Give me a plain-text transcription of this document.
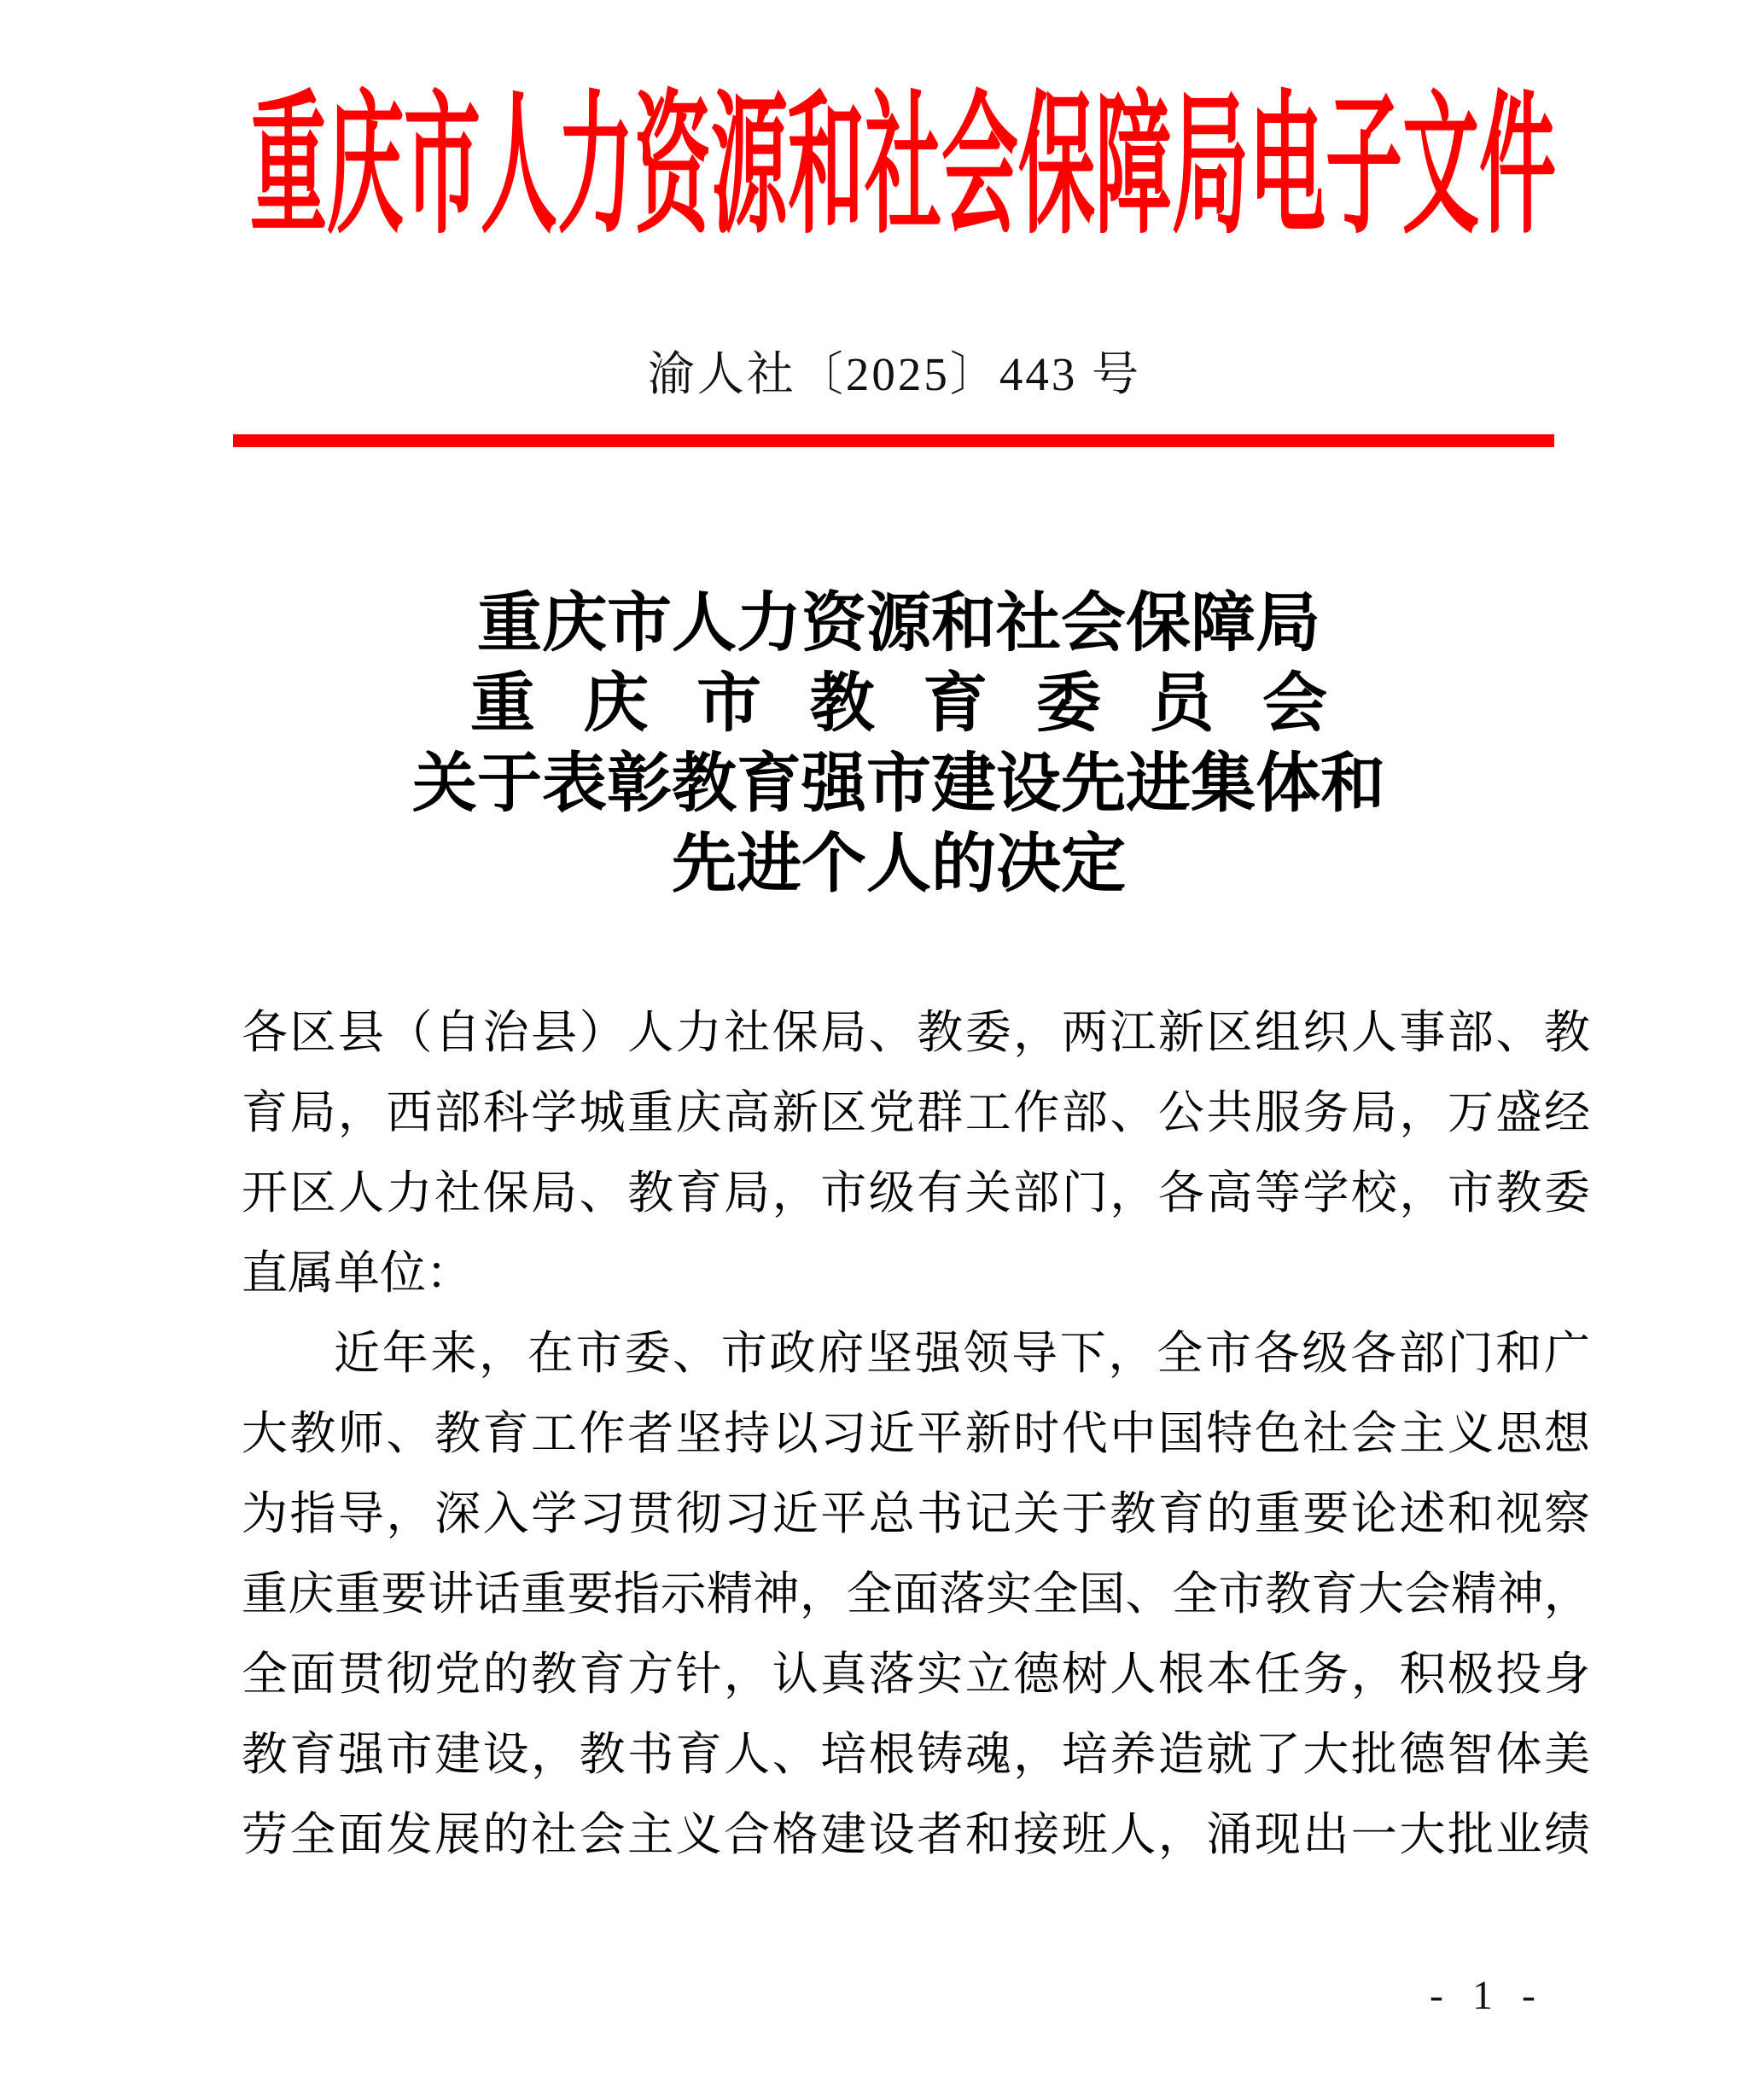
重庆市人力资源和社会保障局电子文件
渝人社〔2025〕443 号
重庆市人力资源和社会保障局
重 庆 市 教 育 委 员 会
关于表彰教育强市建设先进集体和
先进个人的决定
各区县（自治县）人力社保局、教委，两江新区组织人事部、教
育局，西部科学城重庆高新区党群工作部、公共服务局，万盛经
开区人力社保局、教育局，市级有关部门，各高等学校，市教委
直属单位：
近年来，在市委、市政府坚强领导下，全市各级各部门和广
大教师、教育工作者坚持以习近平新时代中国特色社会主义思想
为指导，深入学习贯彻习近平总书记关于教育的重要论述和视察
重庆重要讲话重要指示精神，全面落实全国、全市教育大会精神，
全面贯彻党的教育方针，认真落实立德树人根本任务，积极投身
教育强市建设，教书育人、培根铸魂，培养造就了大批德智体美
劳全面发展的社会主义合格建设者和接班人，涌现出一大批业绩
- 1 -
